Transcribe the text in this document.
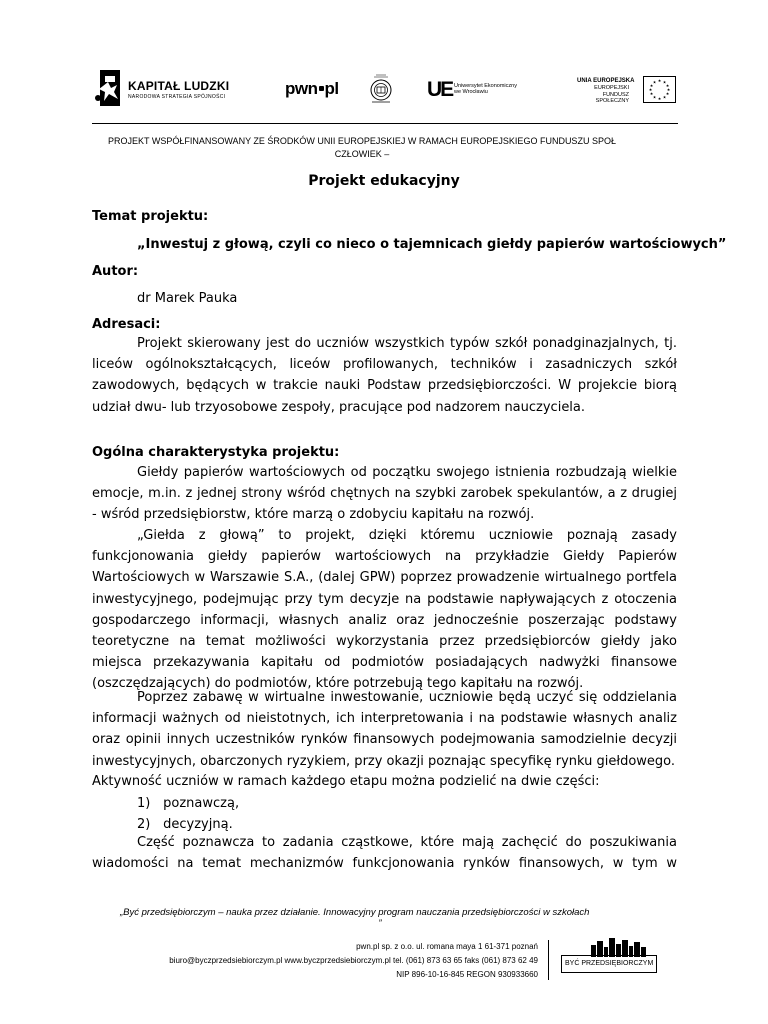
KAPITAŁ LUDZKI
NARODOWA STRATEGIA SPÓJNOŚCI	pwn pl	UE Uniwersytet Ekonomiczny
we Wrocławiu
UNIA EUROPEJSKA
EUROPEJSKI
FUNDUSZ SPOŁECZNY
★ ★
★
★
★
★
★
★
★
★
★
★
PROJEKT WSPÓŁFINANSOWANY ZE ŚRODKÓW UNII EUROPEJSKIEJ W RAMACH EUROPEJSKIEGO FUNDUSZU SPOŁ
CZŁOWIEK –
Projekt edukacyjny
Temat projektu:
„Inwestuj z głową, czyli co nieco o tajemnicach giełdy papierów wartościowych”
Autor:
dr Marek Pauka
Adresaci:

Projekt skierowany jest do uczniów wszystkich typów szkół ponadginazjalnych, tj. liceów ogólnokształcących, liceów profilowanych, techników i zasadniczych szkół zawodowych, będących w trakcie nauki Podstaw przedsiębiorczości. W projekcie biorą udział dwu- lub trzyosobowe zespoły, pracujące pod nadzorem nauczyciela.

Ogólna charakterystyka projektu:

Giełdy papierów wartościowych od początku swojego istnienia rozbudzają wielkie emocje, m.in. z jednej strony wśród chętnych na szybki zarobek spekulantów, a z drugiej - wśród przedsiębiorstw, które marzą o zdobyciu kapitału na rozwój.

„Giełda z głową” to projekt, dzięki któremu uczniowie poznają zasady funkcjonowania giełdy papierów wartościowych na przykładzie Giełdy Papierów Wartościowych w Warszawie S.A., (dalej GPW) poprzez prowadzenie wirtualnego portfela inwestycyjnego, podejmując przy tym decyzje na podstawie napływających z otoczenia gospodarczego informacji, własnych analiz oraz jednocześnie poszerzając podstawy teoretyczne na temat możliwości wykorzystania przez przedsiębiorców giełdy jako miejsca przekazywania kapitału od podmiotów posiadających nadwyżki finansowe (oszczędzających) do podmiotów, które potrzebują tego kapitału na rozwój.

Poprzez zabawę w wirtualne inwestowanie, uczniowie będą uczyć się oddzielania informacji ważnych od nieistotnych, ich interpretowania i na podstawie własnych analiz oraz opinii innych uczestników rynków finansowych podejmowania samodzielnie decyzji inwestycyjnych, obarczonych ryzykiem, przy okazji poznając specyfikę rynku giełdowego.

Aktywność uczniów w ramach każdego etapu można podzielić na dwie części:

1) poznawczą,
2) decyzyjną.

Część poznawcza to zadania cząstkowe, które mają zachęcić do poszukiwania wiadomości na temat mechanizmów funkcjonowania rynków finansowych, w tym w

„Być przedsiębiorczym – nauka przez działanie. Innowacyjny program nauczania przedsiębiorczości w szkołach
”
pwn.pl sp. z o.o. ul. romana maya 1 61-371 poznań
biuro@byczprzedsiebiorczym.pl www.byczprzedsiebiorczym.pl tel. (061) 873 63 65 faks (061) 873 62 49
NIP 896-10-16-845 REGON 930933660
BYĆ PRZEDSIĘBIORCZYM
